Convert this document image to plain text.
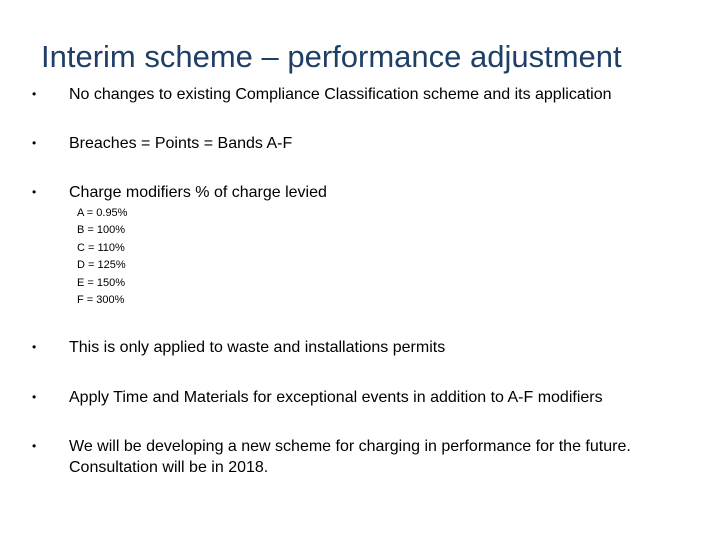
Interim scheme – performance adjustment
•	No changes to existing Compliance Classification scheme and its application
•	Breaches = Points = Bands A-F
•	Charge modifiers % of charge levied
A = 0.95%
B = 100%
C = 110%
D = 125%
E = 150%
F = 300%
•	This is only applied to waste and installations permits
•	Apply Time and Materials for exceptional events in addition to A-F modifiers
•	We will be developing a new scheme for charging in performance for the future. Consultation will be in 2018.
